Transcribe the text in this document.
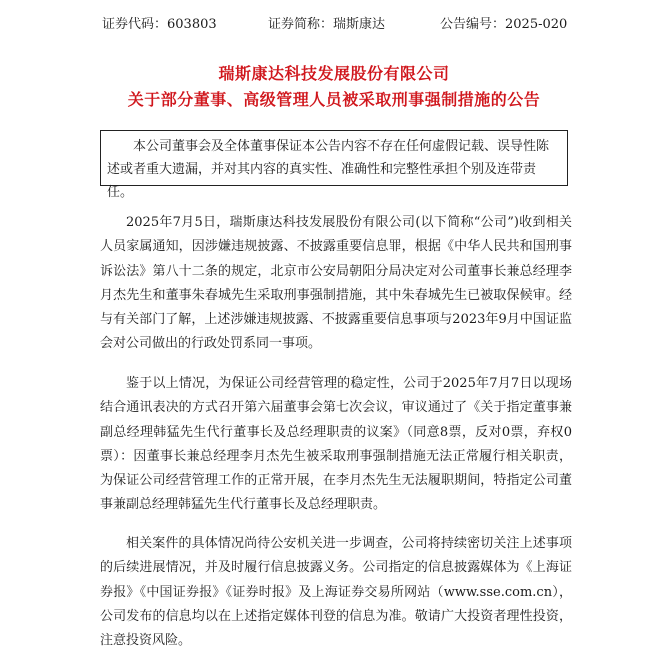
证券代码：603803	证券简称：瑞斯康达	公告编号：2025-020
瑞斯康达科技发展股份有限公司
关于部分董事、高级管理人员被采取刑事强制措施的公告
本公司董事会及全体董事保证本公告内容不存在任何虚假记载、误导性陈述或者重大遗漏，并对其内容的真实性、准确性和完整性承担个别及连带责任。

2025年7月5日，瑞斯康达科技发展股份有限公司(以下简称“公司”)收到相关人员家属通知，因涉嫌违规披露、不披露重要信息罪，根据《中华人民共和国刑事诉讼法》第八十二条的规定，北京市公安局朝阳分局决定对公司董事长兼总经理李月杰先生和董事朱春城先生采取刑事强制措施，其中朱春城先生已被取保候审。经与有关部门了解，上述涉嫌违规披露、不披露重要信息事项与2023年9月中国证监会对公司做出的行政处罚系同一事项。

鉴于以上情况，为保证公司经营管理的稳定性，公司于2025年7月7日以现场结合通讯表决的方式召开第六届董事会第七次会议，审议通过了《关于指定董事兼副总经理韩猛先生代行董事长及总经理职责的议案》（同意8票，反对0票，弃权0票）：因董事长兼总经理李月杰先生被采取刑事强制措施无法正常履行相关职责，为保证公司经营管理工作的正常开展，在李月杰先生无法履职期间，特指定公司董事兼副总经理韩猛先生代行董事长及总经理职责。

相关案件的具体情况尚待公安机关进一步调查，公司将持续密切关注上述事项的后续进展情况，并及时履行信息披露义务。公司指定的信息披露媒体为《上海证券报》《中国证券报》《证券时报》及上海证券交易所网站（www.sse.com.cn），公司发布的信息均以在上述指定媒体刊登的信息为准。敬请广大投资者理性投资，注意投资风险。
